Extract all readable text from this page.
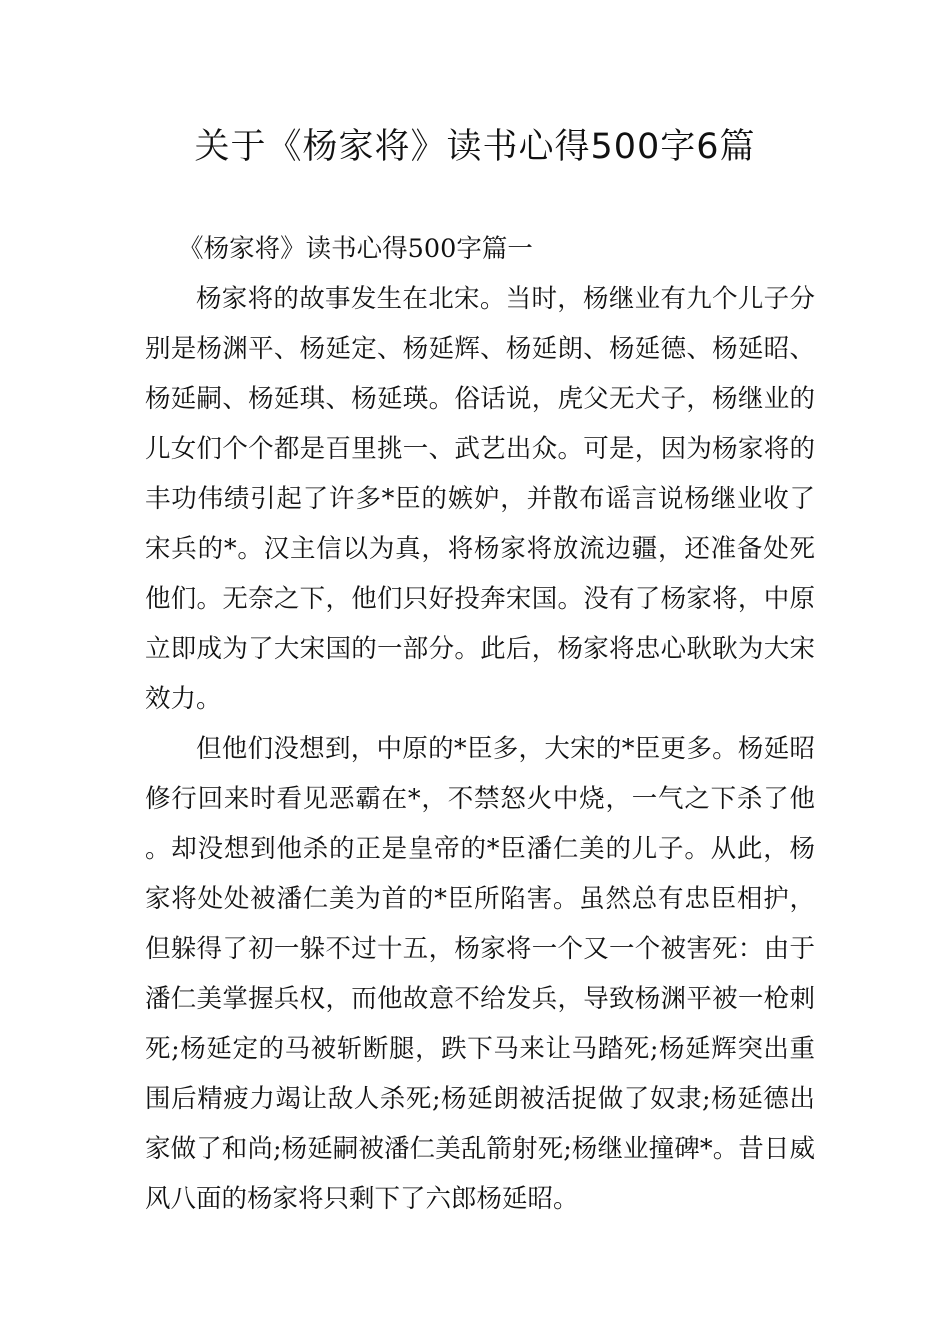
关于《杨家将》读书心得500字6篇

《杨家将》读书心得500字篇一

杨家将的故事发生在北宋。当时，杨继业有九个儿子分别是杨渊平、杨延定、杨延辉、杨延朗、杨延德、杨延昭、杨延嗣、杨延琪、杨延瑛。俗话说，虎父无犬子，杨继业的儿女们个个都是百里挑一、武艺出众。可是，因为杨家将的丰功伟绩引起了许多*臣的嫉妒，并散布谣言说杨继业收了宋兵的*。汉主信以为真，将杨家将放流边疆，还准备处死他们。无奈之下，他们只好投奔宋国。没有了杨家将，中原立即成为了大宋国的一部分。此后，杨家将忠心耿耿为大宋效力。

但他们没想到，中原的*臣多，大宋的*臣更多。杨延昭修行回来时看见恶霸在*，不禁怒火中烧，一气之下杀了他。却没想到他杀的正是皇帝的*臣潘仁美的儿子。从此，杨家将处处被潘仁美为首的*臣所陷害。虽然总有忠臣相护，但躲得了初一躲不过十五，杨家将一个又一个被害死：由于潘仁美掌握兵权，而他故意不给发兵，导致杨渊平被一枪刺死;杨延定的马被斩断腿，跌下马来让马踏死;杨延辉突出重围后精疲力竭让敌人杀死;杨延朗被活捉做了奴隶;杨延德出家做了和尚;杨延嗣被潘仁美乱箭射死;杨继业撞碑*。昔日威风八面的杨家将只剩下了六郎杨延昭。
